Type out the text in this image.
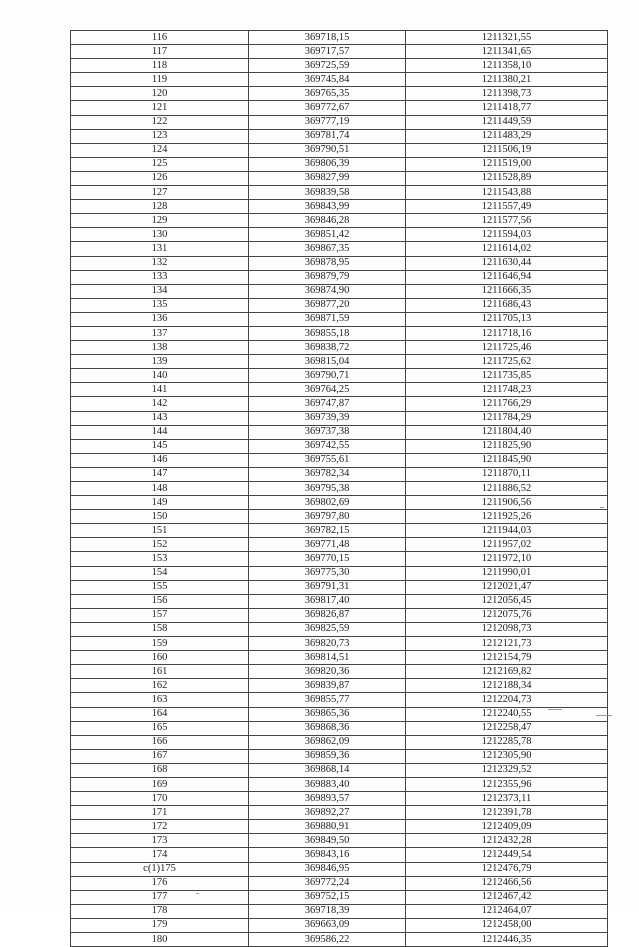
116	369718,15	1211321,55
117	369717,57	1211341,65
118	369725,59	1211358,10
119	369745,84	1211380,21
120	369765,35	1211398,73
121	369772,67	1211418,77
122	369777,19	1211449,59
123	369781,74	1211483,29
124	369790,51	1211506,19
125	369806,39	1211519,00
126	369827,99	1211528,89
127	369839,58	1211543,88
128	369843,99	1211557,49
129	369846,28	1211577,56
130	369851,42	1211594,03
131	369867,35	1211614,02
132	369878,95	1211630,44
133	369879,79	1211646,94
134	369874,90	1211666,35
135	369877,20	1211686,43
136	369871,59	1211705,13
137	369855,18	1211718,16
138	369838,72	1211725,46
139	369815,04	1211725,62
140	369790,71	1211735,85
141	369764,25	1211748,23
142	369747,87	1211766,29
143	369739,39	1211784,29
144	369737,38	1211804,40
145	369742,55	1211825,90
146	369755,61	1211845,90
147	369782,34	1211870,11
148	369795,38	1211886,52
149	369802,69	1211906,56
150	369797,80	1211925,26
151	369782,15	1211944,03
152	369771,48	1211957,02
153	369770,15	1211972,10
154	369775,30	1211990,01
155	369791,31	1212021,47
156	369817,40	1212056,45
157	369826,87	1212075,76
158	369825,59	1212098,73
159	369820,73	1212121,73
160	369814,51	1212154,79
161	369820,36	1212169,82
162	369839,87	1212188,34
163	369855,77	1212204,73
164	369865,36	1212240,55
165	369868,36	1212258,47
166	369862,09	1212285,78
167	369859,36	1212305,90
168	369868,14	1212329,52
169	369883,40	1212355,96
170	369893,57	1212373,11
171	369892,27	1212391,78
172	369880,91	1212409,09
173	369849,50	1212432,28
174	369843,16	1212449,54
c(1)175	369846,95	1212476,79
176	369772,24	1212466,56
177	369752,15	1212467,42
178	369718,39	1212464,07
179	369663,09	1212458,00
180	369586,22	1212446,35
